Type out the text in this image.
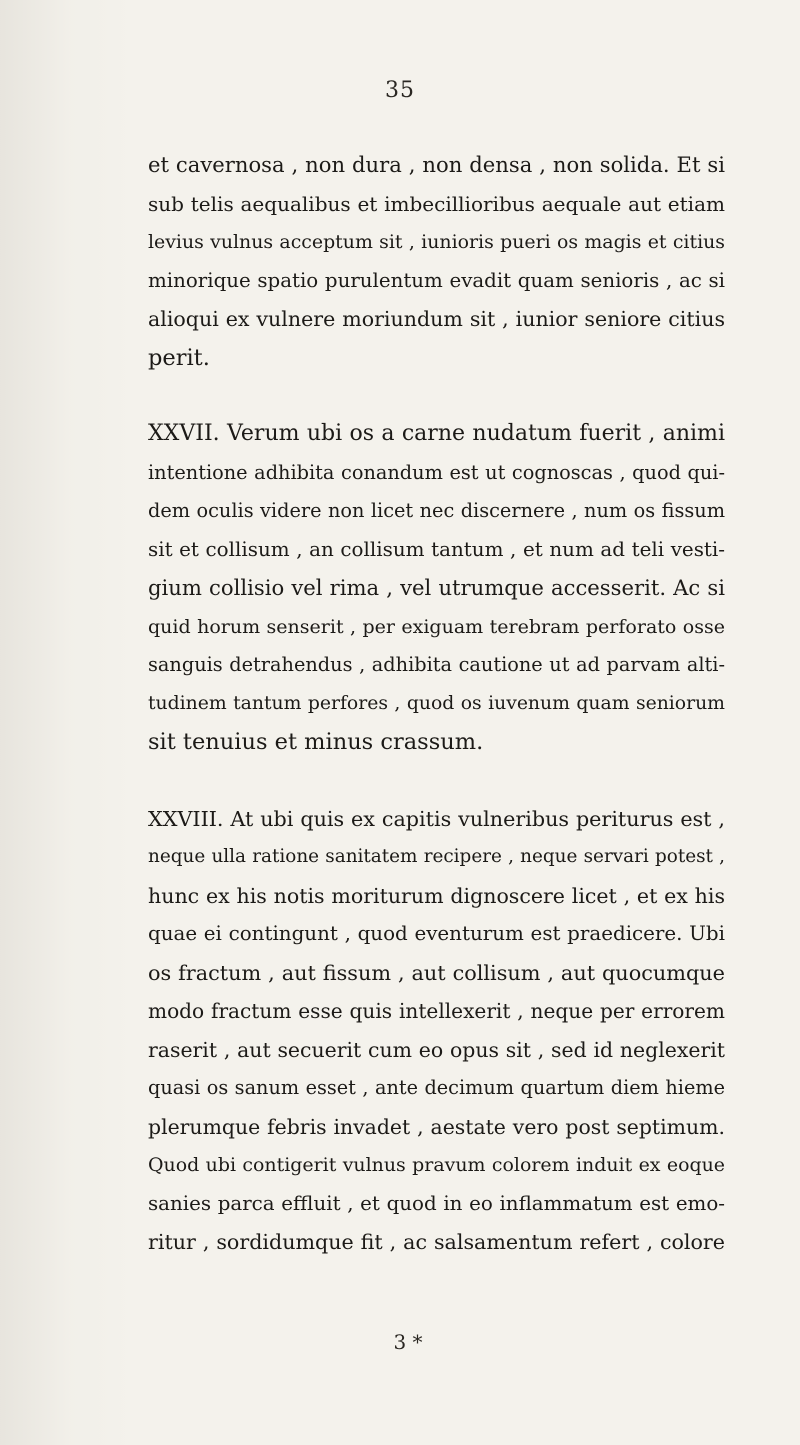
35
et cavernosa , non dura , non densa , non solida. Et si
sub telis aequalibus et imbecillioribus aequale aut etiam
levius vulnus acceptum sit , iunioris pueri os magis et citius
minorique spatio purulentum evadit quam senioris , ac si
alioqui ex vulnere moriundum sit , iunior seniore citius
perit.
XXVII. Verum ubi os a carne nudatum fuerit , animi
intentione adhibita conandum est ut cognoscas , quod qui-
dem oculis videre non licet nec discernere , num os fissum
sit et collisum , an collisum tantum , et num ad teli vesti-
gium collisio vel rima , vel utrumque accesserit. Ac si
quid horum senserit , per exiguam terebram perforato osse
sanguis detrahendus , adhibita cautione ut ad parvam alti-
tudinem tantum perfores , quod os iuvenum quam seniorum
sit tenuius et minus crassum.
XXVIII. At ubi quis ex capitis vulneribus periturus est ,
neque ulla ratione sanitatem recipere , neque servari potest ,
hunc ex his notis moriturum dignoscere licet , et ex his
quae ei contingunt , quod eventurum est praedicere. Ubi
os fractum , aut fissum , aut collisum , aut quocumque
modo fractum esse quis intellexerit , neque per errorem
raserit , aut secuerit cum eo opus sit , sed id neglexerit
quasi os sanum esset , ante decimum quartum diem hieme
plerumque febris invadet , aestate vero post septimum.
Quod ubi contigerit vulnus pravum colorem induit ex eoque
sanies parca effluit , et quod in eo inflammatum est emo-
ritur , sordidumque fit , ac salsamentum refert , colore
3 *
